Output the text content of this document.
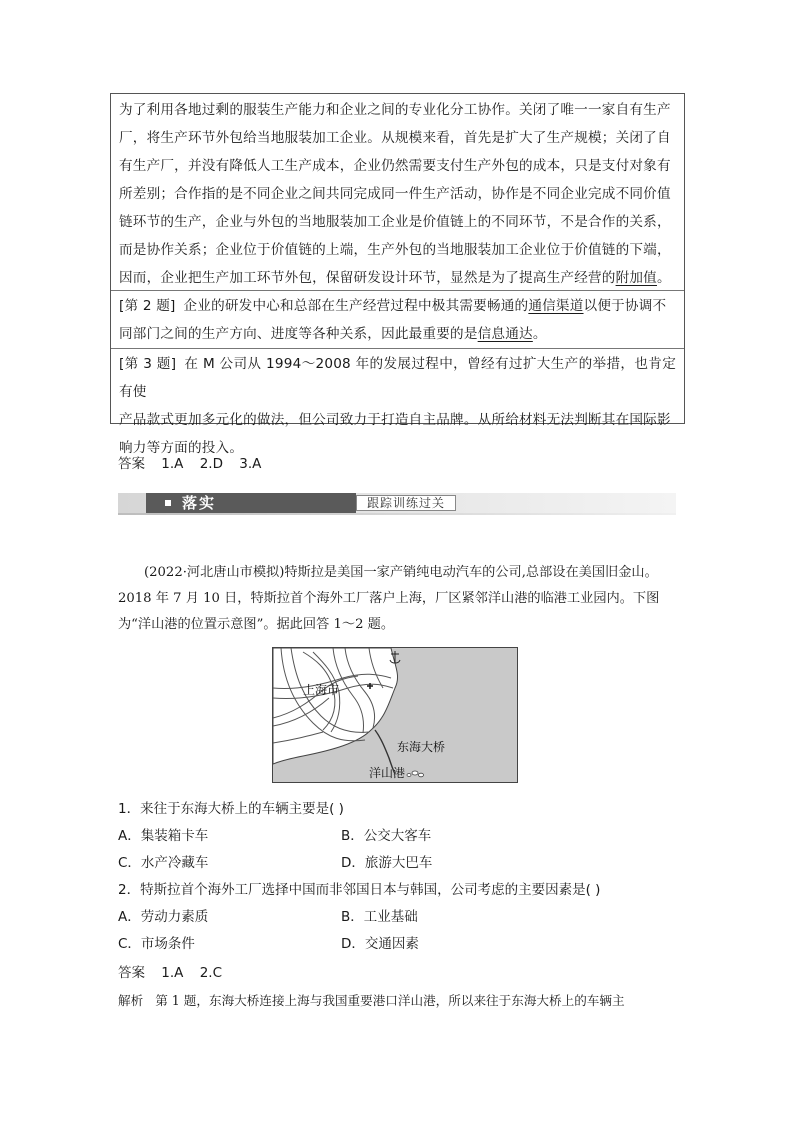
为了利用各地过剩的服装生产能力和企业之间的专业化分工协作。关闭了唯一一家自有生产

厂，将生产环节外包给当地服装加工企业。从规模来看，首先是扩大了生产规模；关闭了自

有生产厂，并没有降低人工生产成本，企业仍然需要支付生产外包的成本，只是支付对象有

所差别；合作指的是不同企业之间共同完成同一件生产活动，协作是不同企业完成不同价值

链环节的生产，企业与外包的当地服装加工企业是价值链上的不同环节，不是合作的关系，

而是协作关系；企业位于价值链的上端，生产外包的当地服装加工企业位于价值链的下端，

因而，企业把生产加工环节外包，保留研发设计环节，显然是为了提高生产经营的附加值。

[第 2 题] 企业的研发中心和总部在生产经营过程中极其需要畅通的通信渠道以便于协调不

同部门之间的生产方向、进度等各种关系，因此最重要的是信息通达。

[第 3 题] 在 M 公司从 1994～2008 年的发展过程中，曾经有过扩大生产的举措，也肯定有使

产品款式更加多元化的做法，但公司致力于打造自主品牌。从所给材料无法判断其在国际影

响力等方面的投入。

答案 1.A 2.D 3.A
落实	跟踪训练过关
(2022·河北唐山市模拟)特斯拉是美国一家产销纯电动汽车的公司,总部设在美国旧金山。
2018 年 7 月 10 日，特斯拉首个海外工厂落户上海，厂区紧邻洋山港的临港工业园内。下图
为“洋山港的位置示意图”。据此回答 1～2 题。
上海市
东海大桥
洋山港
1．来往于东海大桥上的车辆主要是( )
A．集装箱卡车	B．公交大客车
C．水产冷藏车	D．旅游大巴车
2．特斯拉首个海外工厂选择中国而非邻国日本与韩国，公司考虑的主要因素是( )
A．劳动力素质	B．工业基础
C．市场条件	D．交通因素
答案 1.A 2.C
解析 第 1 题，东海大桥连接上海与我国重要港口洋山港，所以来往于东海大桥上的车辆主
